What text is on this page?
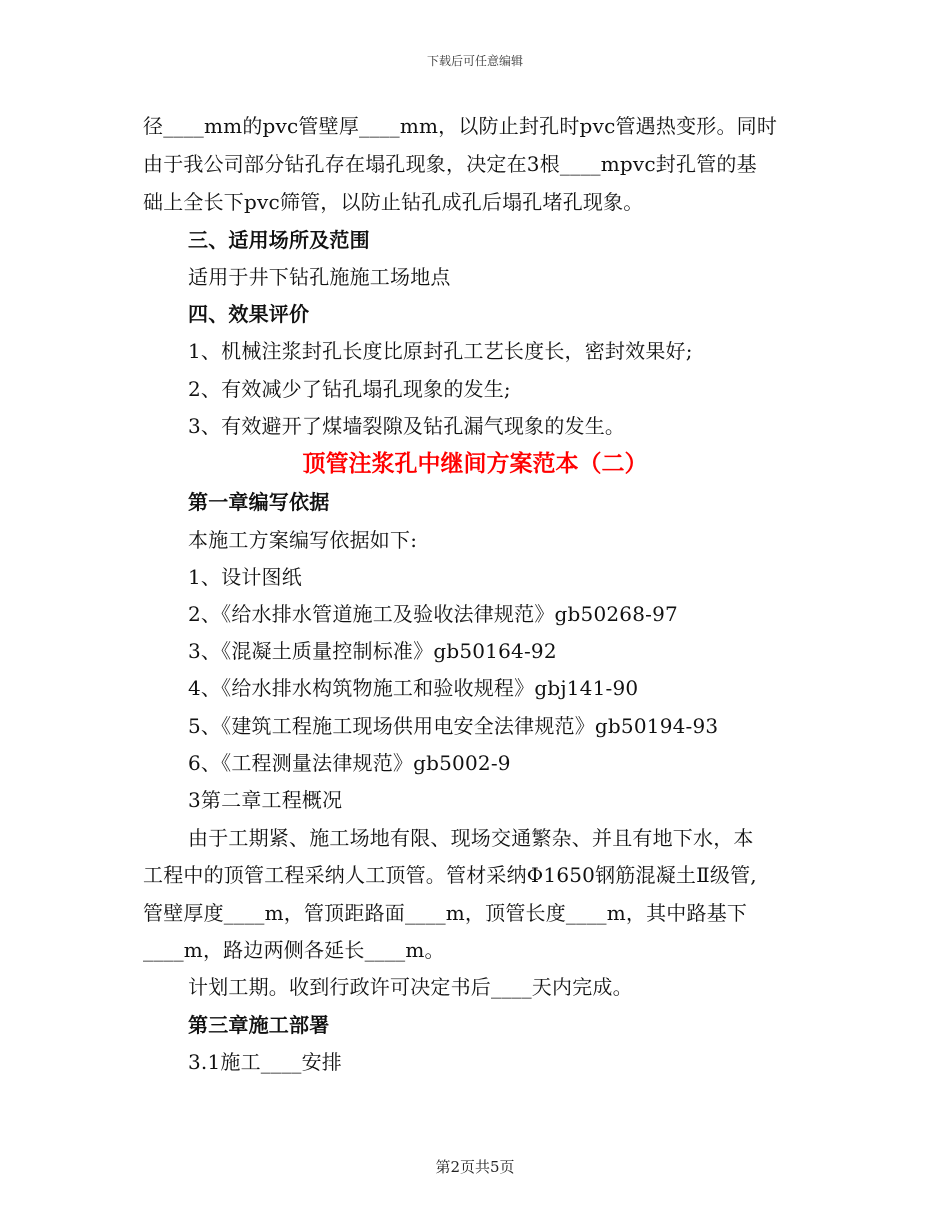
下载后可任意编辑
径____mm的pvc管壁厚____mm，以防止封孔时pvc管遇热变形。同时
由于我公司部分钻孔存在塌孔现象，决定在3根____mpvc封孔管的基
础上全长下pvc筛管，以防止钻孔成孔后塌孔堵孔现象。
三、适用场所及范围
适用于井下钻孔施施工场地点
四、效果评价
1、机械注浆封孔长度比原封孔工艺长度长，密封效果好;
2、有效减少了钻孔塌孔现象的发生;
3、有效避开了煤墙裂隙及钻孔漏气现象的发生。
顶管注浆孔中继间方案范本（二）
第一章编写依据
本施工方案编写依据如下:
1、设计图纸
2、《给水排水管道施工及验收法律规范》gb50268-97
3、《混凝土质量控制标准》gb50164-92
4、《给水排水构筑物施工和验收规程》gbj141-90
5、《建筑工程施工现场供用电安全法律规范》gb50194-93
6、《工程测量法律规范》gb5002-9
3第二章工程概况
由于工期紧、施工场地有限、现场交通繁杂、并且有地下水，本
工程中的顶管工程采纳人工顶管。管材采纳Φ1650钢筋混凝土Ⅱ级管,
管壁厚度____m，管顶距路面____m，顶管长度____m，其中路基下
____m，路边两侧各延长____m。
计划工期。收到行政许可决定书后____天内完成。
第三章施工部署
3.1施工____安排
第2页共5页
